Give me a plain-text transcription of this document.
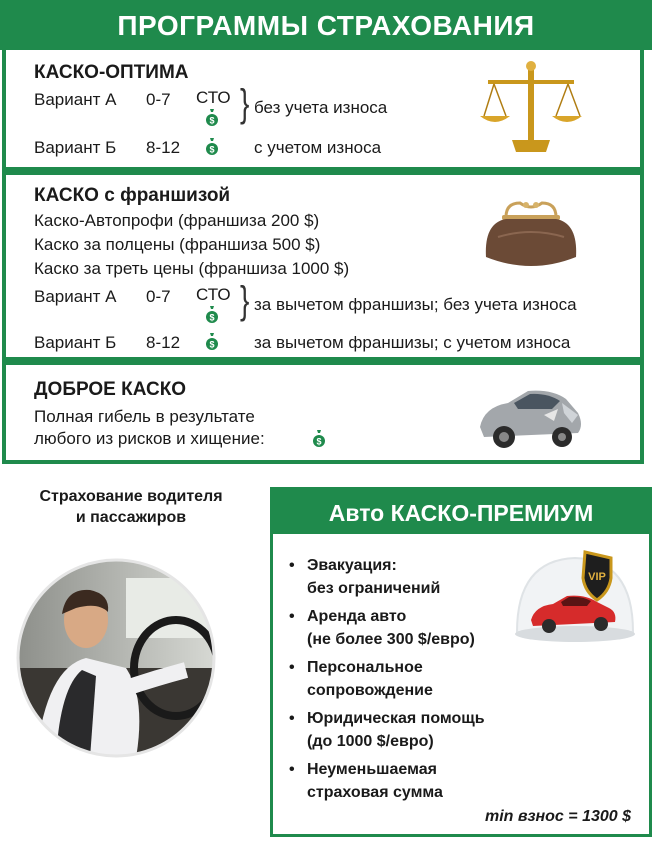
ПРОГРАММЫ СТРАХОВАНИЯ
КАСКО-ОПТИМА
Вариант А 0-7 СТО } без учета износа
Вариант Б 8-12	с учетом износа
КАСКО с франшизой
Каско-Автопрофи (франшиза 200 $)
Каско за полцены (франшиза 500 $)
Каско за треть цены (франшиза 1000 $)
Вариант А 0-7 СТО } за вычетом франшизы; без учета износа
Вариант Б 8-12	за вычетом франшизы; с учетом износа
ДОБРОЕ КАСКО
Полная гибель в результате
любого из рисков и хищение:
Страхование водителя
и пассажиров	Авто КАСКО-ПРЕМИУМ
• Эвакуация:
без ограничений
• Аренда авто
(не более 300 $/евро)
• Персональное
сопровождение
• Юридическая помощь
(до 1000 $/евро)
• Неуменьшаемая
страховая сумма
min взнос = 1300 $
VIP
